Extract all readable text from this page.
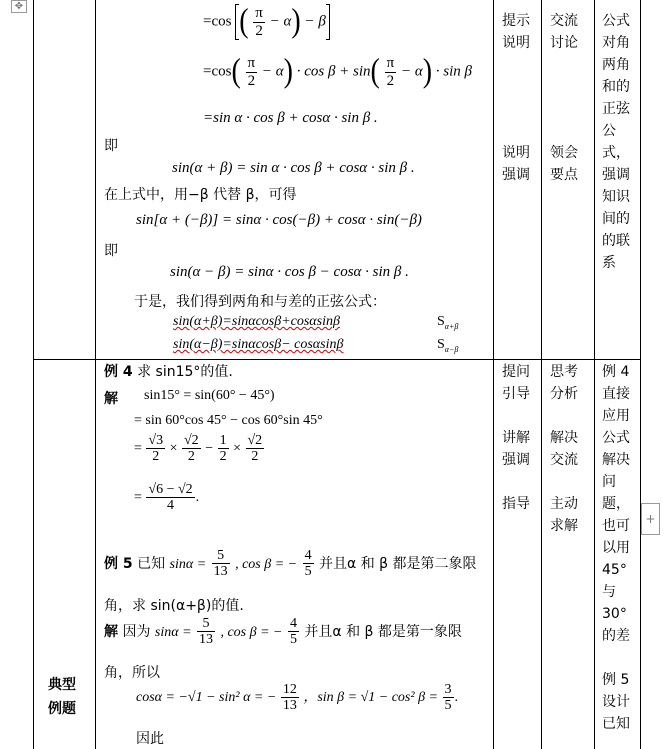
✥
+
=cos ( $\frac{\pi}{2} - \alpha) - \beta$
$=\cos( \frac{\pi}{2} - \alpha) \cdot \cos \beta + \sin( \frac{\pi}{2} - \alpha) \cdot \sin \beta$
=sin α · cos β + cosα · sin β .
即
sin(α + β) = sin α · cos β + cosα · sin β .
在上式中，用−β 代替 β，可得
sin[α + (−β)] = sinα · cos(−β) + cosα · sin(−β)
即
sin(α − β) = sinα · cos β − cosα · sin β .
于是，我们得到两角和与差的正弦公式：
sin(α+β)=sinαcosβ+cosαsinβ	$S_{\alpha+\beta}$
sin(α−β)=sinαcosβ− cosαsinβ	$S_{\alpha-\beta}$
提示
说明
说明
强调
交流
讨论
领会
要点
公式
对角
两角
和的
正弦
公
式，
强调
知识
间的
的联
系
典型
例题
例 4 求 sin15°的值.
解 sin15° = sin(60° − 45°)
= sin 60°cos 45° − cos 60°sin 45°
= $\frac{√3}{2} \times \frac{√2}{2} - \frac{1}{2} \times \frac{√2}{2}$
= $\frac{√6 - √2}{4}$ .
例 5 已知 $\sin\alpha = \frac{5}{13}$ , cos β = − $\frac{4}{5}$ 并且α 和 β 都是第二象限
角，求 sin(α+β)的值.
解 因为 $\sin\alpha = \frac{5}{13}$ , cos β = − $\frac{4}{5}$ 并且α 和 β 都是第一象限
角，所以
cosα = −√1 − sin² α = − $\frac{12}{13}$ ，sin β = √1 − cos² $\beta = \frac{3}{5}$ .
因此
提问
引导
讲解
强调
指导
思考
分析
解决
交流
主动
求解
例 4
直接
应用
公式
解决
问
题，
也可
以用
45°
与
30°
的差
例 5
设计
已知
